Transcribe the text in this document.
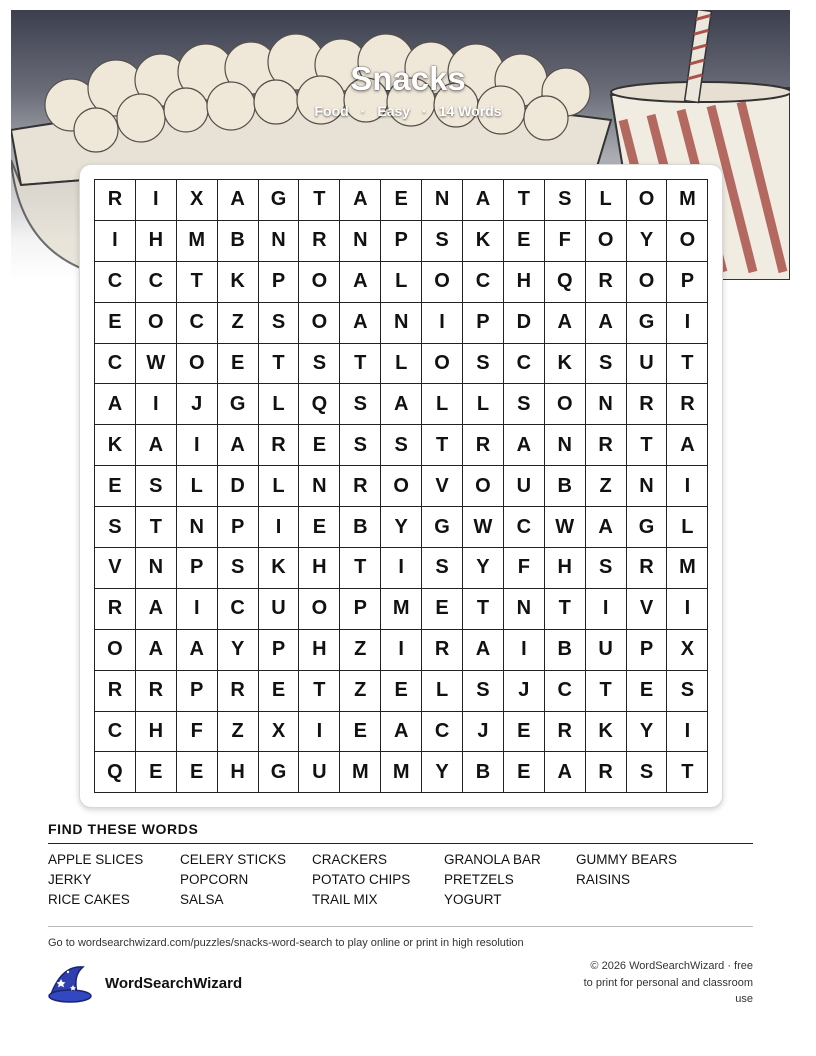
Snacks
Food · Easy · 14 Words
R	I	X	A	G	T	A	E	N	A	T	S	L	O	M
I	H	M	B	N	R	N	P	S	K	E	F	O	Y	O
C	C	T	K	P	O	A	L	O	C	H	Q	R	O	P
E	O	C	Z	S	O	A	N	I	P	D	A	A	G	I
C	W	O	E	T	S	T	L	O	S	C	K	S	U	T
A	I	J	G	L	Q	S	A	L	L	S	O	N	R	R
K	A	I	A	R	E	S	S	T	R	A	N	R	T	A
E	S	L	D	L	N	R	O	V	O	U	B	Z	N	I
S	T	N	P	I	E	B	Y	G	W	C	W	A	G	L
V	N	P	S	K	H	T	I	S	Y	F	H	S	R	M
R	A	I	C	U	O	P	M	E	T	N	T	I	V	I
O	A	A	Y	P	H	Z	I	R	A	I	B	U	P	X
R	R	P	R	E	T	Z	E	L	S	J	C	T	E	S
C	H	F	Z	X	I	E	A	C	J	E	R	K	Y	I
Q	E	E	H	G	U	M	M	Y	B	E	A	R	S	T
FIND THESE WORDS
APPLE SLICES	CELERY STICKS	CRACKERS	GRANOLA BAR	GUMMY BEARS
JERKY	POPCORN	POTATO CHIPS	PRETZELS	RAISINS
RICE CAKES	SALSA	TRAIL MIX	YOGURT
Go to wordsearchwizard.com/puzzles/snacks-word-search to play online or print in high resolution
WordSearchWizard
© 2026 WordSearchWizard · free to print for personal and classroom use
